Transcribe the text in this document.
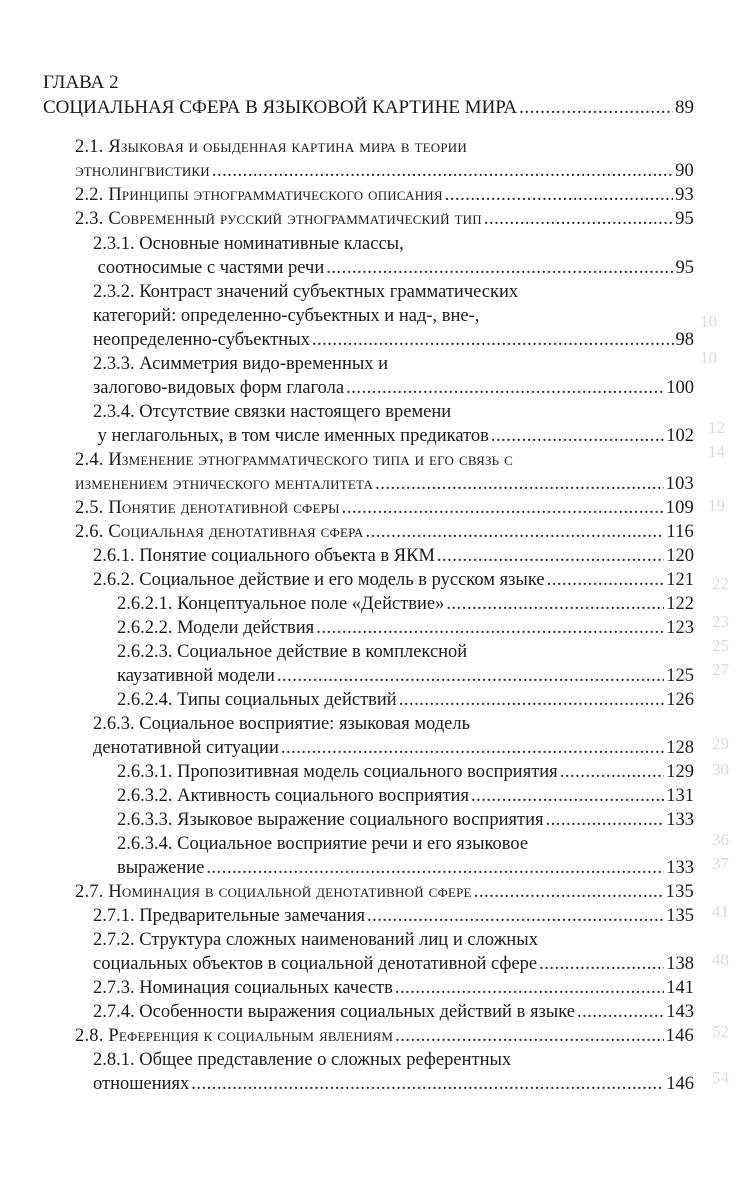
10
10
12
14
19
22
23
25
27
29
30
36
37
41
48
52
54
ГЛАВА 2
СОЦИАЛЬНАЯ СФЕРА В ЯЗЫКОВОЙ КАРТИНЕ МИРА .....	89
2.1. Языковая и обыденная картина мира в теории
этнолингвистики .....	90
2.2. Принципы этнограмматического описания .....	93
2.3. Современный русский этнограмматический тип .....	95
2.3.1. Основные номинативные классы,
соотносимые с частями речи .....	95
2.3.2. Контраст значений субъектных грамматических
категорий: определенно-субъектных и над-, вне-,
неопределенно-субъектных .....	98
2.3.3. Асимметрия видо-временных и
залогово-видовых форм глагола .....	100
2.3.4. Отсутствие связки настоящего времени
у неглагольных, в том числе именных предикатов .....	102
2.4. Изменение этнограмматического типа и его связь с
изменением этнического менталитета .....	103
2.5. Понятие денотативной сферы .....	109
2.6. Социальная денотативная сфера .....	116
2.6.1. Понятие социального объекта в ЯКМ .....	120
2.6.2. Социальное действие и его модель в русском языке .....	121
2.6.2.1. Концептуальное поле «Действие» .....	122
2.6.2.2. Модели действия .....	123
2.6.2.3. Социальное действие в комплексной
каузативной модели .....	125
2.6.2.4. Типы социальных действий .....	126
2.6.3. Социальное восприятие: языковая модель
денотативной ситуации .....	128
2.6.3.1. Пропозитивная модель социального восприятия .....	129
2.6.3.2. Активность социального восприятия .....	131
2.6.3.3. Языковое выражение социального восприятия .....	133
2.6.3.4. Социальное восприятие речи и его языковое
выражение .....	133
2.7. Номинация в социальной денотативной сфере .....	135
2.7.1. Предварительные замечания .....	135
2.7.2. Структура сложных наименований лиц и сложных
социальных объектов в социальной денотативной сфере .....	138
2.7.3. Номинация социальных качеств .....	141
2.7.4. Особенности выражения социальных действий в языке .....	143
2.8. Референция к социальным явлениям .....	146
2.8.1. Общее представление о сложных референтных
отношениях .....	146
